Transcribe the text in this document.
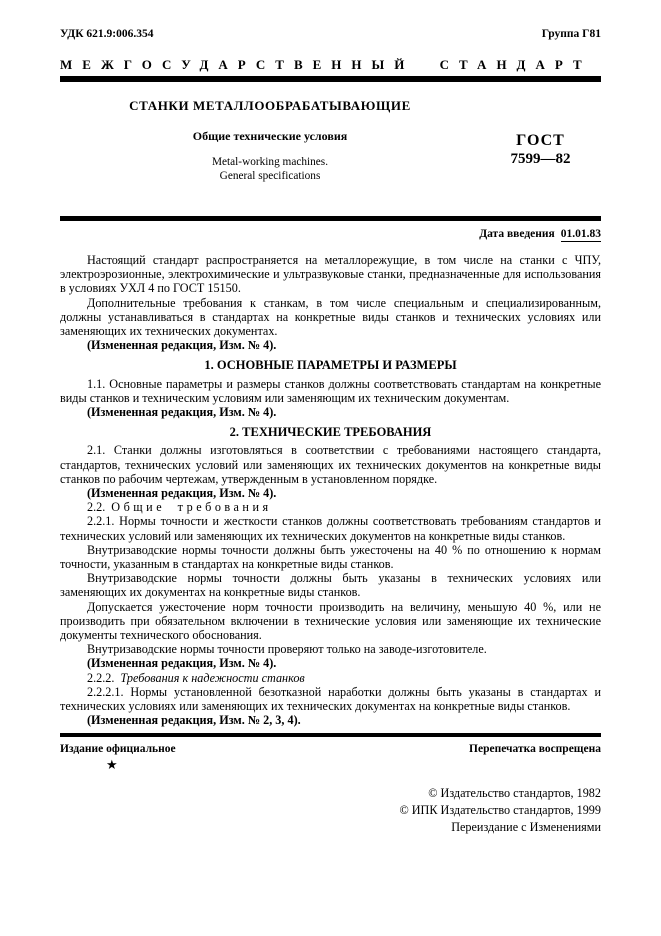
УДК 621.9:006.354	Группа Г81
МЕЖГОСУДАРСТВЕННЫЙ СТАНДАРТ
СТАНКИ МЕТАЛЛООБРАБАТЫВАЮЩИЕ
Общие технические условия
Metal-working machines.
General specifications
ГОСТ
7599—82
Дата введения 01.01.83
Настоящий стандарт распространяется на металлорежущие, в том числе на станки с ЧПУ, электроэрозионные, электрохимические и ультразвуковые станки, предназначенные для использования в условиях УХЛ 4 по ГОСТ 15150.
Дополнительные требования к станкам, в том числе специальным и специализированным, должны устанавливаться в стандартах на конкретные виды станков и технических условиях или заменяющих их технических документах.
(Измененная редакция, Изм. № 4).
1. ОСНОВНЫЕ ПАРАМЕТРЫ И РАЗМЕРЫ
1.1. Основные параметры и размеры станков должны соответствовать стандартам на конкретные виды станков и техническим условиям или заменяющим их техническим документам.
(Измененная редакция, Изм. № 4).
2. ТЕХНИЧЕСКИЕ ТРЕБОВАНИЯ
2.1. Станки должны изготовляться в соответствии с требованиями настоящего стандарта, стандартов, технических условий или заменяющих их технических документов на конкретные виды станков по рабочим чертежам, утвержденным в установленном порядке.
(Измененная редакция, Изм. № 4).
2.2. Общие требования
2.2.1. Нормы точности и жесткости станков должны соответствовать требованиям стандартов и технических условий или заменяющих их технических документов на конкретные виды станков.
Внутризаводские нормы точности должны быть ужесточены на 40 % по отношению к нормам точности, указанным в стандартах на конкретные виды станков.
Внутризаводские нормы точности должны быть указаны в технических условиях или заменяющих их документах на конкретные виды станков.
Допускается ужесточение норм точности производить на величину, меньшую 40 %, или не производить при обязательном включении в технические условия или заменяющие их технические документы технического обоснования.
Внутризаводские нормы точности проверяют только на заводе-изготовителе.
(Измененная редакция, Изм. № 4).
2.2.2. Требования к надежности станков
2.2.2.1. Нормы установленной безотказной наработки должны быть указаны в стандартах и технических условиях или заменяющих их технических документах на конкретные виды станков.
(Измененная редакция, Изм. № 2, 3, 4).
Издание официальное	Перепечатка воспрещена
★
© Издательство стандартов, 1982
© ИПК Издательство стандартов, 1999
Переиздание с Изменениями
